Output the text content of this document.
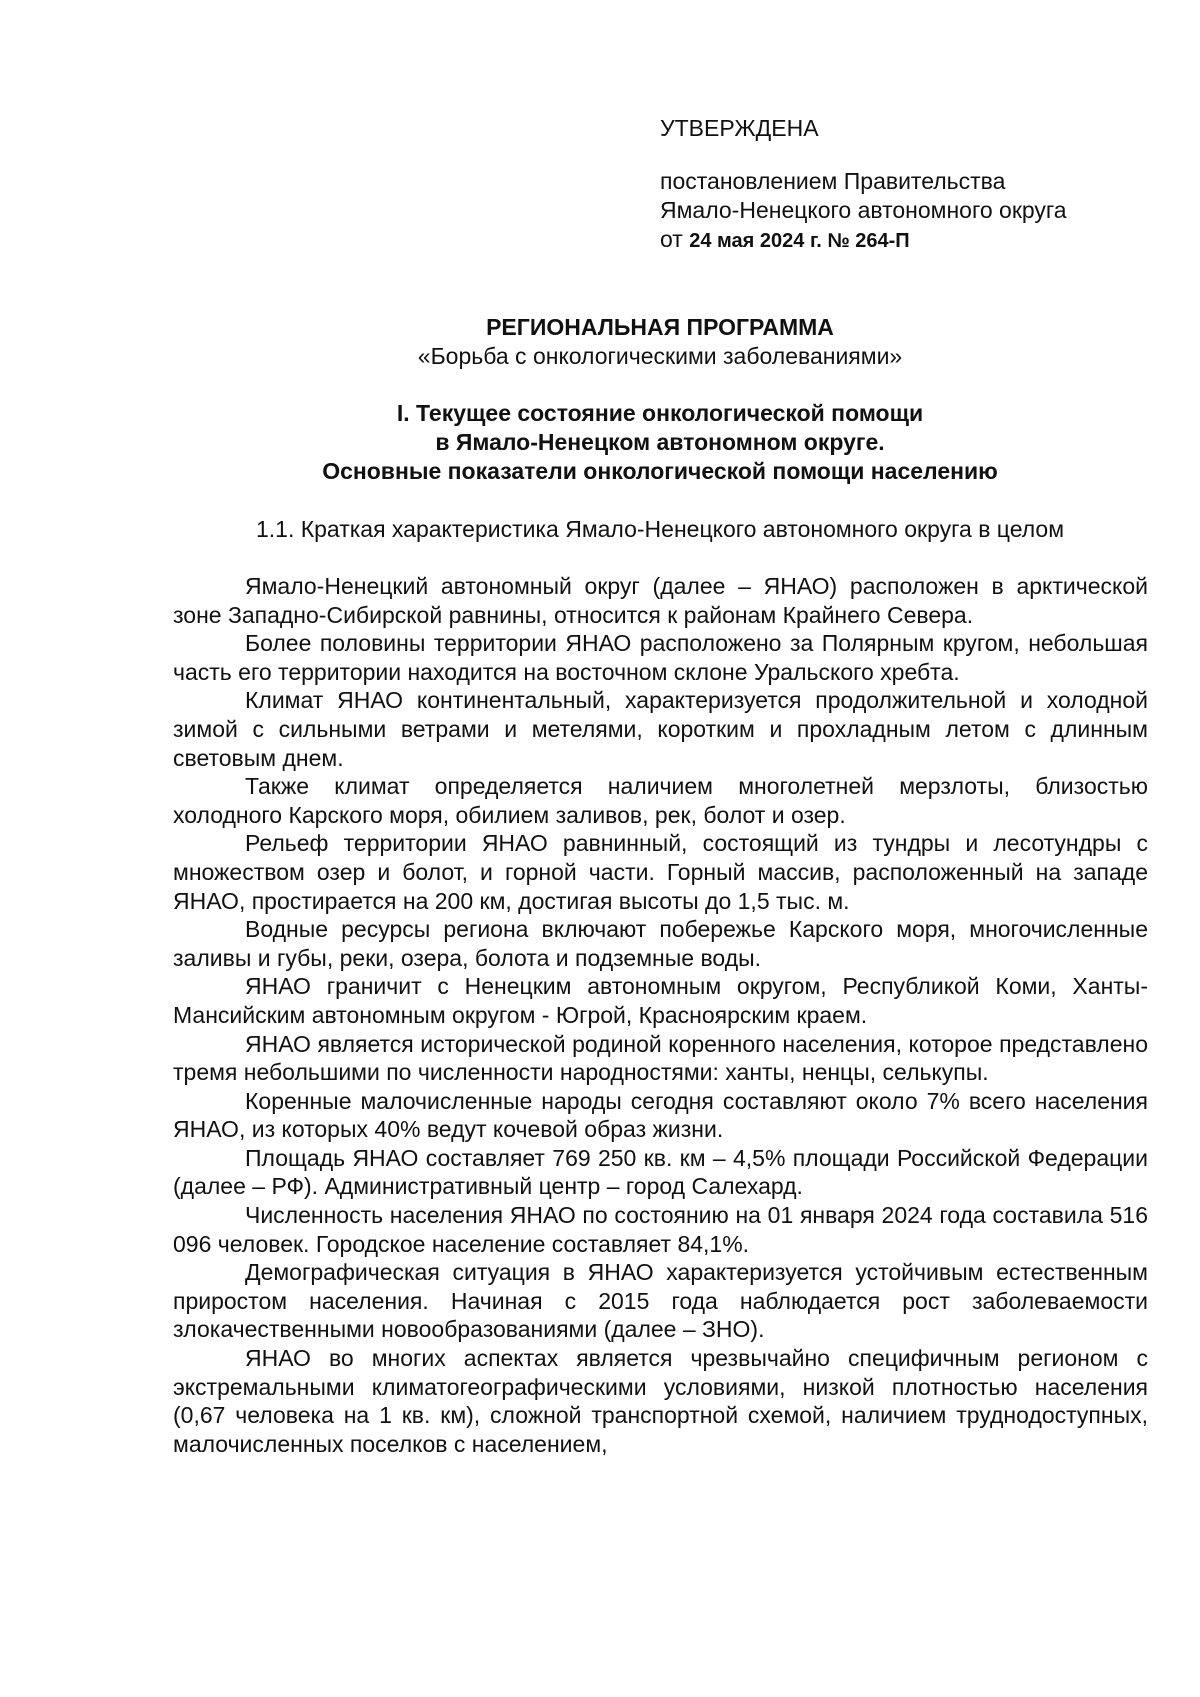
УТВЕРЖДЕНА

постановлением Правительства

Ямало-Ненецкого автономного округа

от 24 мая 2024 г. № 264-П

РЕГИОНАЛЬНАЯ ПРОГРАММА

«Борьба с онкологическими заболеваниями»

I. Текущее состояние онкологической помощи

в Ямало-Ненецком автономном округе.

Основные показатели онкологической помощи населению

1.1. Краткая характеристика Ямало-Ненецкого автономного округа в целом

Ямало-Ненецкий автономный округ (далее – ЯНАО) расположен в арктической зоне Западно-Сибирской равнины, относится к районам Крайнего Севера.

Более половины территории ЯНАО расположено за Полярным кругом, небольшая часть его территории находится на восточном склоне Уральского хребта.

Климат ЯНАО континентальный, характеризуется продолжительной и холодной зимой с сильными ветрами и метелями, коротким и прохладным летом с длинным световым днем.

Также климат определяется наличием многолетней мерзлоты, близостью холодного Карского моря, обилием заливов, рек, болот и озер.

Рельеф территории ЯНАО равнинный, состоящий из тундры и лесотундры с множеством озер и болот, и горной части. Горный массив, расположенный на западе ЯНАО, простирается на 200 км, достигая высоты до 1,5 тыс. м.

Водные ресурсы региона включают побережье Карского моря, многочисленные заливы и губы, реки, озера, болота и подземные воды.

ЯНАО граничит с Ненецким автономным округом, Республикой Коми, Ханты-Мансийским автономным округом - Югрой, Красноярским краем.

ЯНАО является исторической родиной коренного населения, которое представлено тремя небольшими по численности народностями: ханты, ненцы, селькупы.

Коренные малочисленные народы сегодня составляют около 7% всего населения ЯНАО, из которых 40% ведут кочевой образ жизни.

Площадь ЯНАО составляет 769 250 кв. км – 4,5% площади Российской Федерации (далее – РФ). Административный центр – город Салехард.

Численность населения ЯНАО по состоянию на 01 января 2024 года составила 516 096 человек. Городское население составляет 84,1%.

Демографическая ситуация в ЯНАО характеризуется устойчивым естественным приростом населения. Начиная с 2015 года наблюдается рост заболеваемости злокачественными новообразованиями (далее – ЗНО).

ЯНАО во многих аспектах является чрезвычайно специфичным регионом с экстремальными климатогеографическими условиями, низкой плотностью населения (0,67 человека на 1 кв. км), сложной транспортной схемой, наличием труднодоступных, малочисленных поселков с населением,
